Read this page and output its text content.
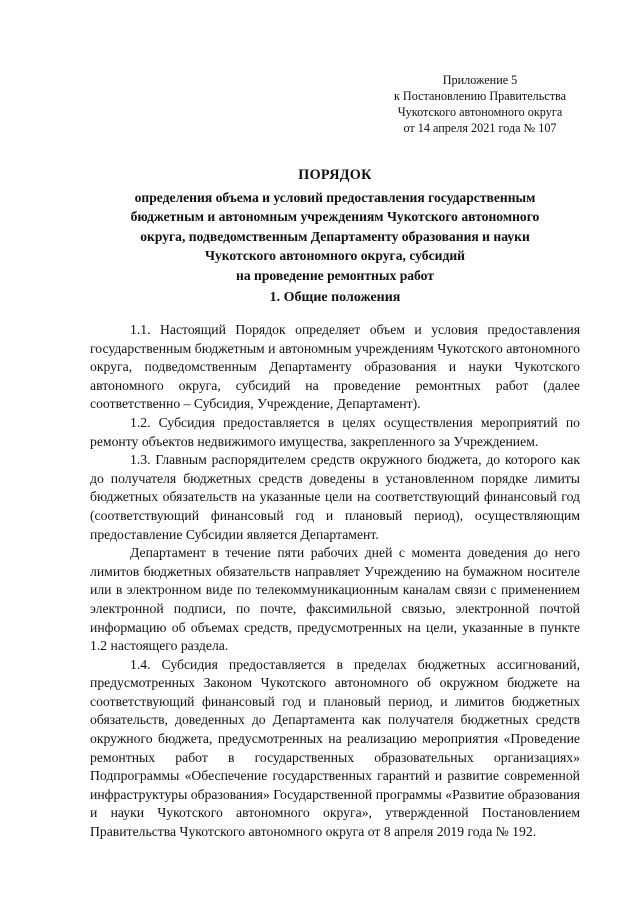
Приложение 5
к Постановлению Правительства
Чукотского автономного округа
от 14 апреля 2021 года № 107
ПОРЯДОК
определения объема и условий предоставления государственным
бюджетным и автономным учреждениям Чукотского автономного
округа, подведомственным Департаменту образования и науки
Чукотского автономного округа, субсидий
на проведение ремонтных работ
1. Общие положения

1.1. Настоящий Порядок определяет объем и условия предоставления государственным бюджетным и автономным учреждениям Чукотского автономного округа, подведомственным Департаменту образования и науки Чукотского автономного округа, субсидий на проведение ремонтных работ (далее соответственно – Субсидия, Учреждение, Департамент).

1.2. Субсидия предоставляется в целях осуществления мероприятий по ремонту объектов недвижимого имущества, закрепленного за Учреждением.

1.3. Главным распорядителем средств окружного бюджета, до которого как до получателя бюджетных средств доведены в установленном порядке лимиты бюджетных обязательств на указанные цели на соответствующий финансовый год (соответствующий финансовый год и плановый период), осуществляющим предоставление Субсидии является Департамент.

Департамент в течение пяти рабочих дней с момента доведения до него лимитов бюджетных обязательств направляет Учреждению на бумажном носителе или в электронном виде по телекоммуникационным каналам связи с применением электронной подписи, по почте, факсимильной связью, электронной почтой информацию об объемах средств, предусмотренных на цели, указанные в пункте 1.2 настоящего раздела.

1.4. Субсидия предоставляется в пределах бюджетных ассигнований, предусмотренных Законом Чукотского автономного об окружном бюджете на соответствующий финансовый год и плановый период, и лимитов бюджетных обязательств, доведенных до Департамента как получателя бюджетных средств окружного бюджета, предусмотренных на реализацию мероприятия «Проведение ремонтных работ в государственных образовательных организациях» Подпрограммы «Обеспечение государственных гарантий и развитие современной инфраструктуры образования» Государственной программы «Развитие образования и науки Чукотского автономного округа», утвержденной Постановлением Правительства Чукотского автономного округа от 8 апреля 2019 года № 192.
